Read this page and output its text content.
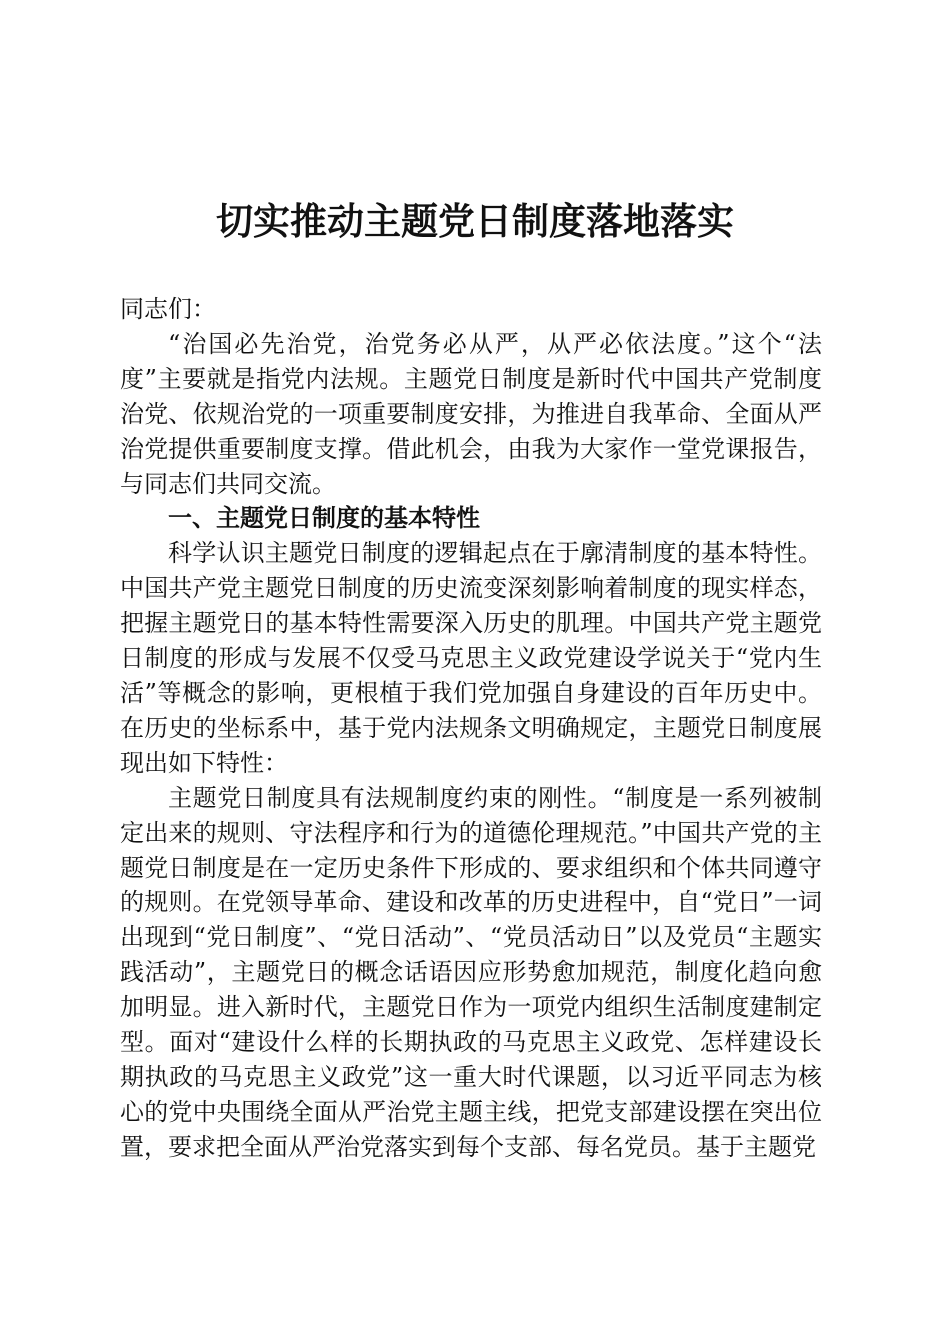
切实推动主题党日制度落地落实

同志们：

“治国必先治党，治党务必从严，从严必依法度。”这个“法度”主要就是指党内法规。主题党日制度是新时代中国共产党制度治党、依规治党的一项重要制度安排，为推进自我革命、全面从严治党提供重要制度支撑。借此机会，由我为大家作一堂党课报告，与同志们共同交流。

一、主题党日制度的基本特性

科学认识主题党日制度的逻辑起点在于廓清制度的基本特性。中国共产党主题党日制度的历史流变深刻影响着制度的现实样态，把握主题党日的基本特性需要深入历史的肌理。中国共产党主题党日制度的形成与发展不仅受马克思主义政党建设学说关于“党内生活”等概念的影响，更根植于我们党加强自身建设的百年历史中。在历史的坐标系中，基于党内法规条文明确规定，主题党日制度展现出如下特性：

主题党日制度具有法规制度约束的刚性。“制度是一系列被制定出来的规则、守法程序和行为的道德伦理规范。”中国共产党的主题党日制度是在一定历史条件下形成的、要求组织和个体共同遵守的规则。在党领导革命、建设和改革的历史进程中，自“党日”一词出现到“党日制度”、“党日活动”、“党员活动日”以及党员“主题实践活动”，主题党日的概念话语因应形势愈加规范，制度化趋向愈加明显。进入新时代，主题党日作为一项党内组织生活制度建制定型。面对“建设什么样的长期执政的马克思主义政党、怎样建设长期执政的马克思主义政党”这一重大时代课题，以习近平同志为核心的党中央围绕全面从严治党主题主线，把党支部建设摆在突出位置，要求把全面从严治党落实到每个支部、每名党员。基于主题党
